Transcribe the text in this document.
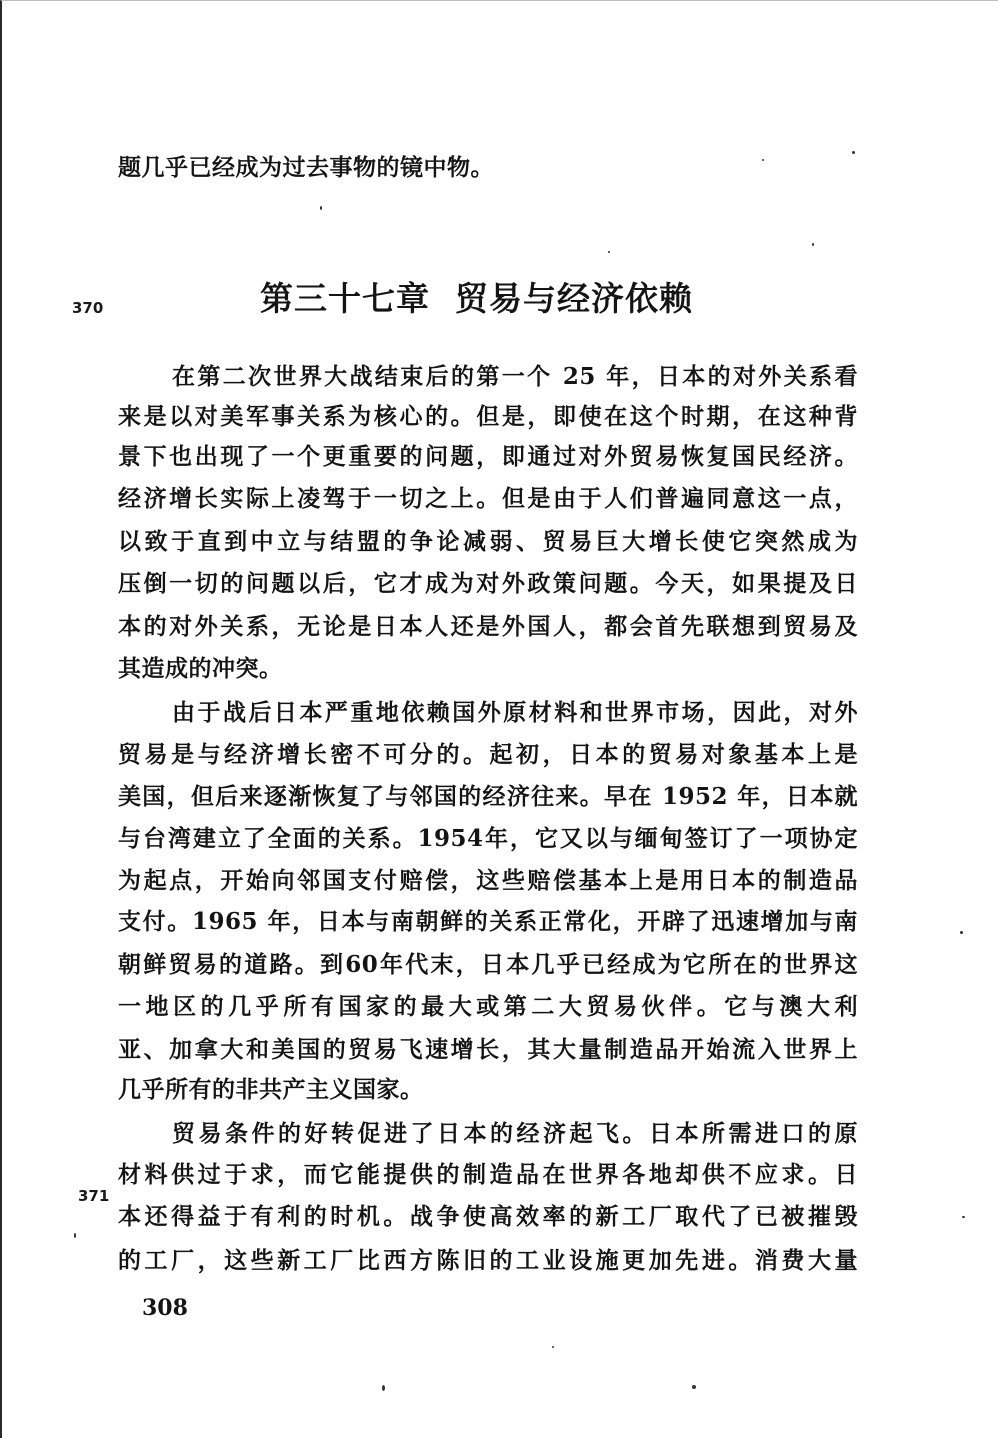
题几乎已经成为过去事物的镜中物。
370	第三十七章  贸易与经济依赖
在第二次世界大战结束后的第一个 25 年，日本的对外关系看
来是以对美军事关系为核心的。但是，即使在这个时期，在这种背
景下也出现了一个更重要的问题，即通过对外贸易恢复国民经济。
经济增长实际上凌驾于一切之上。但是由于人们普遍同意这一点，
以致于直到中立与结盟的争论减弱、贸易巨大增长使它突然成为
压倒一切的问题以后，它才成为对外政策问题。今天，如果提及日
本的对外关系，无论是日本人还是外国人，都会首先联想到贸易及
其造成的冲突。
由于战后日本严重地依赖国外原材料和世界市场，因此，对外
贸易是与经济增长密不可分的。起初，日本的贸易对象基本上是
美国，但后来逐渐恢复了与邻国的经济往来。早在 1952 年，日本就
与台湾建立了全面的关系。1954年，它又以与缅甸签订了一项协定
为起点，开始向邻国支付赔偿，这些赔偿基本上是用日本的制造品
支付。1965 年，日本与南朝鲜的关系正常化，开辟了迅速增加与南
朝鲜贸易的道路。到60年代末，日本几乎已经成为它所在的世界这
一地区的几乎所有国家的最大或第二大贸易伙伴。它与澳大利
亚、加拿大和美国的贸易飞速增长，其大量制造品开始流入世界上
几乎所有的非共产主义国家。
贸易条件的好转促进了日本的经济起飞。日本所需进口的原
371
材料供过于求，而它能提供的制造品在世界各地却供不应求。日
本还得益于有利的时机。战争使高效率的新工厂取代了已被摧毁
的工厂，这些新工厂比西方陈旧的工业设施更加先进。消费大量
308
